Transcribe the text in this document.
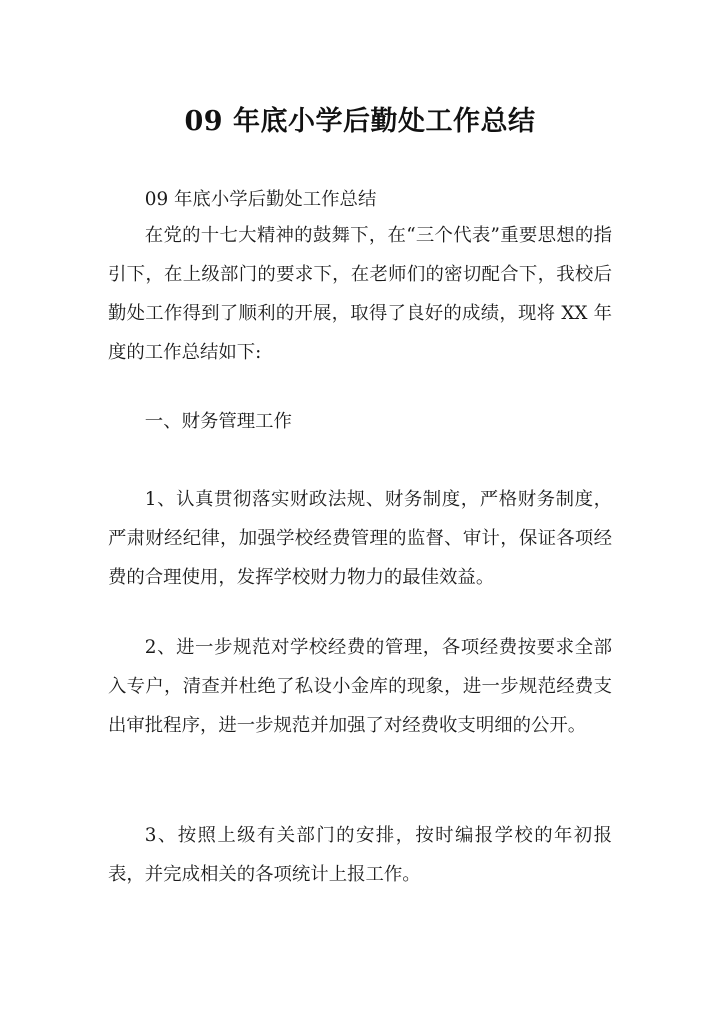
09 年底小学后勤处工作总结

09 年底小学后勤处工作总结

在党的十七大精神的鼓舞下，在“三个代表”重要思想的指引下，在上级部门的要求下，在老师们的密切配合下，我校后勤处工作得到了顺利的开展，取得了良好的成绩，现将 XX 年度的工作总结如下:

一、财务管理工作

1、认真贯彻落实财政法规、财务制度，严格财务制度，严肃财经纪律，加强学校经费管理的监督、审计，保证各项经费的合理使用，发挥学校财力物力的最佳效益。

2、进一步规范对学校经费的管理，各项经费按要求全部入专户，清查并杜绝了私设小金库的现象，进一步规范经费支出审批程序，进一步规范并加强了对经费收支明细的公开。

3、按照上级有关部门的安排，按时编报学校的年初报表，并完成相关的各项统计上报工作。
